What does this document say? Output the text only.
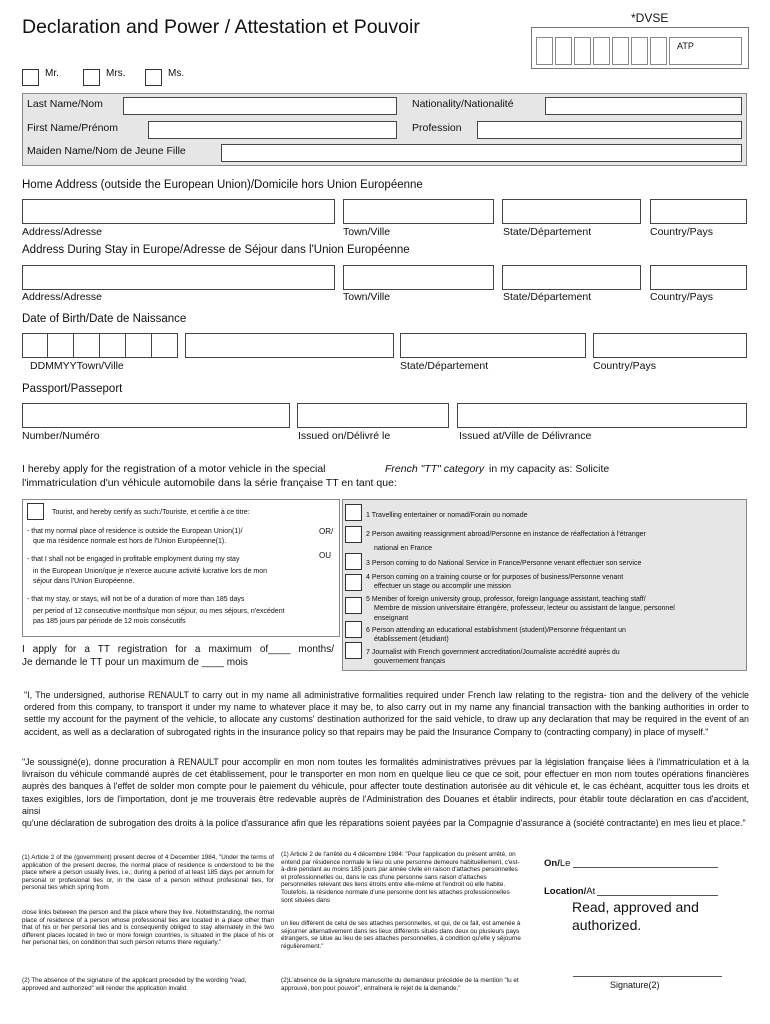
Declaration and Power / Attestation et Pouvoir	*DVSE
ATP
Mr.	Mrs.	Ms.
Last Name/Nom	Nationality/Nationalité
First Name/Prénom	Profession
Maiden Name/Nom de Jeune Fille
Home Address (outside the European Union)/Domicile hors Union Européenne
Address/Adresse	Town/Ville	State/Département	Country/Pays
Address During Stay in Europe/Adresse de Séjour dans l'Union Européenne
Address/Adresse	Town/Ville	State/Département	Country/Pays
Date of Birth/Date de Naissance
DDMMYYTown/Ville	State/Département	Country/Pays
Passport/Passeport
Number/Numéro	Issued on/Délivré le	Issued at/Ville de Délivrance
I hereby apply for the registration of a motor vehicle in the special	French "TT" category in my capacity as: Solicite
l'immatriculation d'un véhicule automobile dans la série française TT en tant que:
Tourist, and hereby certify as such:/Touriste, et certifie à ce titre:
- that my normal place of residence is outside the European Union(1)/
que ma résidence normale est hors de l'Union Européenne(1).
OR/
OU
- that I shall not be engaged in profitable employment during my stay
in the European Union/que je n'exerce aucune activité lucrative lors de mon
séjour dans l'Union Européenne.
- that my stay, or stays, will not be of a duration of more than 185 days
per period of 12 consecutive months/que mon séjour, ou mes séjours, n'excédent
pas 185 jours par période de 12 mois consécutifs
I apply for a TT registration for a maximum of____ months/
Je demande le TT pour un maximum de ____ mois
1 Travelling entertainer or nomad/Forain ou nomade
2 Person awaiting reassignment abroad/Personne en instance de réaffectation à l'étranger
national en France
3 Person coming to do National Service in France/Personne venant effectuer son service
4 Person coming on a training course or for purposes of business/Personne venant
effectuer un stage ou accomplir une mission
5 Member of foreign university group, professor, foreign language assistant, teaching staff/
Membre de mission universitaire étrangère, professeur, lecteur ou assistant de langue, personnel
enseignant
6 Person attending an educational establishment (student)/Personne fréquentant un
établissement (étudiant)
7 Journalist with French government accreditation/Journaliste accrédité auprès du
gouvernement français
"I, The undersigned, authorise RENAULT to carry out in my name all administrative formalities required under French law relating to the registra- tion and the delivery of the vehicle ordered from this company, to transport it under my name to whatever place it may be, to also carry out in my name any financial transaction with the banking authorities in order to settle my account for the payment of the vehicle, to allocate any customs' destination authorized for the said vehicle, to draw up any declaration that may be required in the event of an accident, as well as a declaration of subrogated rights in the insurance policy so that repairs may be paid the Insurance Company to (contracting company) in place of myself."
"Je soussigné(e), donne procuration à RENAULT pour accomplir en mon nom toutes les formalités administratives prévues par la législation française liées à l'immatriculation et à la livraison du véhicule commandé auprès de cet établissement, pour le transporter en mon nom en quelque lieu ce que ce soit, pour effectuer en mon nom toutes opérations financières auprès des banques à l'effet de solder mon compte pour le paiement du véhicule, pour affecter toute destination autorisée au dit véhicule et, le cas échéant, acquitter tous les droits et taxes exigibles, lors de l'importation, dont je me trouverais être redevable auprès de l'Administration des Douanes et établir indirects, pour établir toute déclaration en cas d'accident, ainsi
qu'une déclaration de subrogation des droits à la police d'assurance afin que les réparations soient payées par la Compagnie d'assurance à (société contractante) en mes lieu et place."
(1) Article 2 of the (government) present decree of 4 December 1984, "Under the terms of application of the present decree, the normal place of residence is understood to be the place where a person usually lives, i.e.; during a period of at least 185 days per annum for personal or profesional ties or, in the case of a person without profesional ties, for personal ties which spring from
close links between the person and the place where they live. Notwithstanding, the normal place of residence of a person whose professional ties are located in a place other than that of his or her personal ties and is consequently obliged to stay alternately in the two different places located in two or more foreign countries, is situated in the place of his or her personal ties, on condition that such person returns there regularly."
(2) The absence of the signature of the applicant preceded by the wording "read, approved and authorized" will render the application invalid.
(1) Article 2 de l'arrêté du 4 décembre 1984: "Pour l'application du présent arrêté, on entend par résidence normale le lieu où une personne demeure habituellement, c'est-à-dire pendant au moins 185 jours par année civile en raison d'attaches personnelles et professionnelles ou, dans le cas d'une personne sans raison d'attaches personnelles relevant des liens étroits entre elle-même et l'endroit où elle habite. Toutefois, la résidence normale d'une personne dont les attaches professionnelles sont situées dans
un lieu différent de celui de ses attaches personnelles, et qui, de ce fait, est amenée à séjourner alternativement dans les lieux différents situés dans deux ou plusieurs pays étrangers, se situe au lieu de ses attaches personnelles, à condition qu'elle y séjourne régulièrement."
(2)L'absence de la signature manuscrite du demandeur précédée de la mention "lu et approuvé, bon pour pouvoir", entraînera le rejet de la demande."
On/Le
Location/At
Read, approved and authorized.
Signature(2)
